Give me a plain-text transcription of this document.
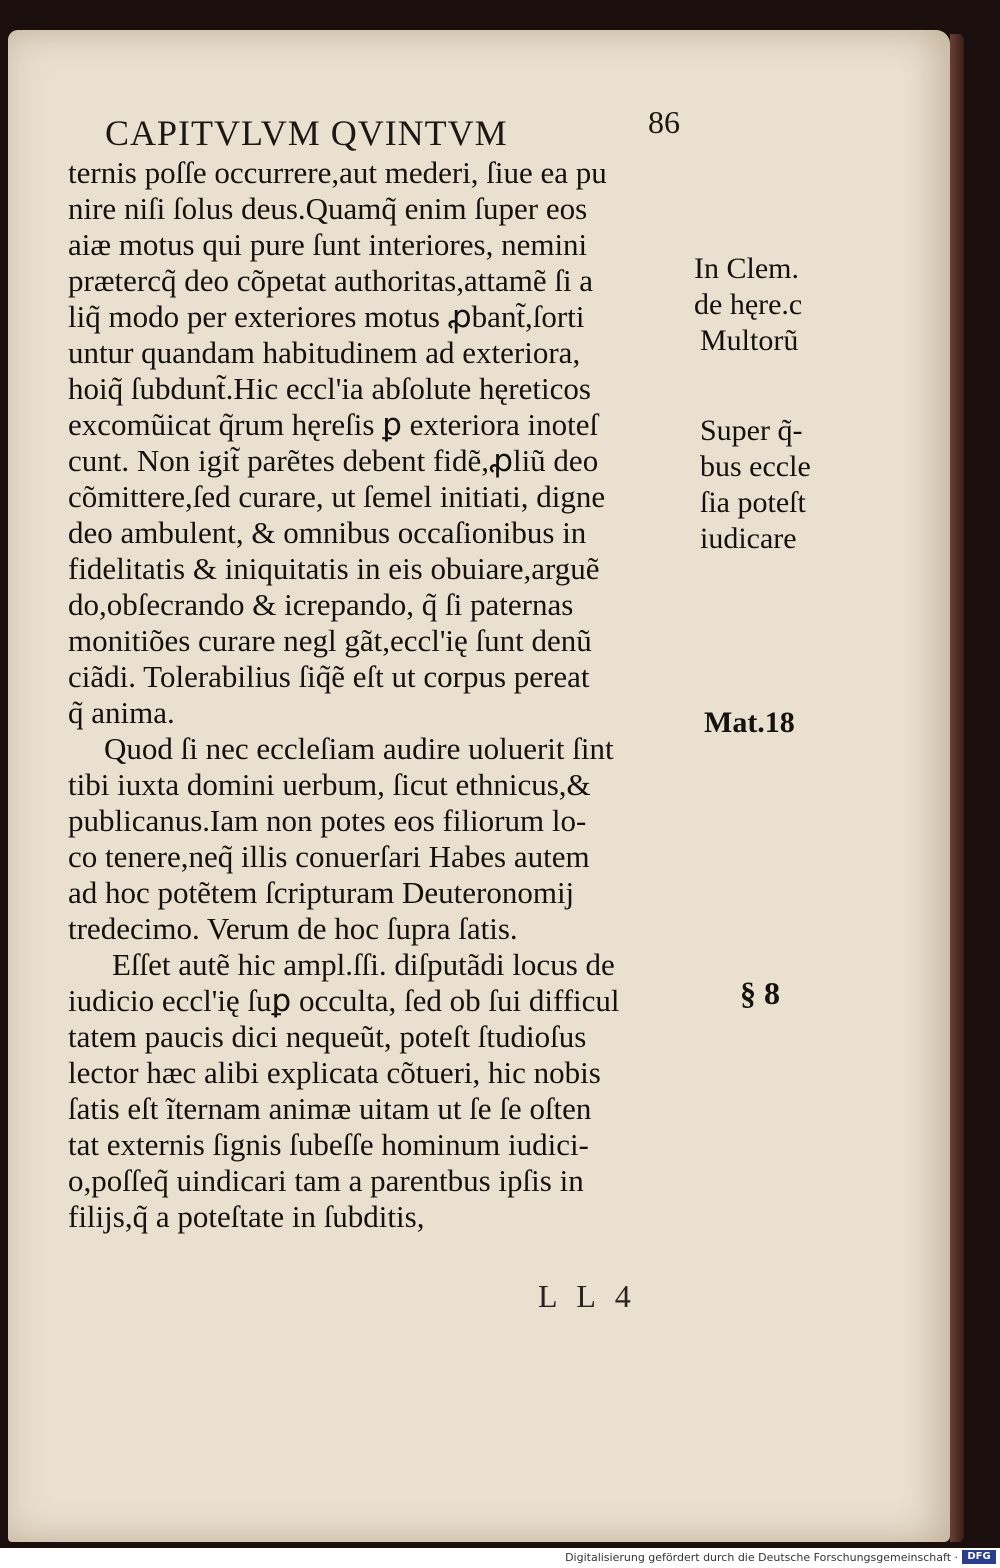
CAPITVLVM QVINTVM	86
ternis poſſe occurrere,aut mederi, ſiue ea pu
nire niſi ſolus deus.Quamq̃ enim ſuper eos
aiæ motus qui pure ſunt interiores, nemini
prætercq̃ deo cõpetat authoritas,attamẽ ſi a
liq̃ modo per exteriores motus ꝓbant̃,ſorti
untur quandam habitudinem ad exteriora,
hoiq̃ ſubdunt̃.Hic eccl'ia abſolute hęreticos
excomũicat q̃rum hęreſis ꝑ exteriora inoteſ
cunt. Non igit̃ parẽtes debent fidẽ,ꝓliũ deo
cõmittere,ſed curare, ut ſemel initiati, digne
deo ambulent, & omnibus occaſionibus in
fidelitatis & iniquitatis in eis obuiare,arguẽ
do,obſecrando & icrepando, q̃ ſi paternas
monitiões curare negl gãt,eccl'ię ſunt denũ
ciãdi. Tolerabilius ſiq̃ẽ eſt ut corpus pereat
q̃ anima.
Quod ſi nec eccleſiam audire uoluerit ſint
tibi iuxta domini uerbum, ſicut ethnicus,&
publicanus.Iam non potes eos filiorum lo-
co tenere,neq̃ illis conuerſari Habes autem
ad hoc potẽtem ſcripturam Deuteronomij
tredecimo. Verum de hoc ſupra ſatis.
Eſſet autẽ hic ampl.ſſi. diſputãdi locus de
iudicio eccl'ię ſuꝑ occulta, ſed ob ſui difficul
tatem paucis dici nequeũt, poteſt ſtudioſus
lector hæc alibi explicata cõtueri, hic nobis
ſatis eſt ĩternam animæ uitam ut ſe ſe oſten
tat externis ſignis ſubeſſe hominum iudici-
o,poſſeq̃ uindicari tam a parentbus ipſis in
filijs,q̃ a poteſtate in ſubditis,
In Clem.
de hęre.c
Multorũ
Super q̃-
bus eccle
ſia poteſt
iudicare
Mat.18
§ 8
L L 4
Digitalisierung gefördert durch die Deutsche Forschungsgemeinschaft · DFG
